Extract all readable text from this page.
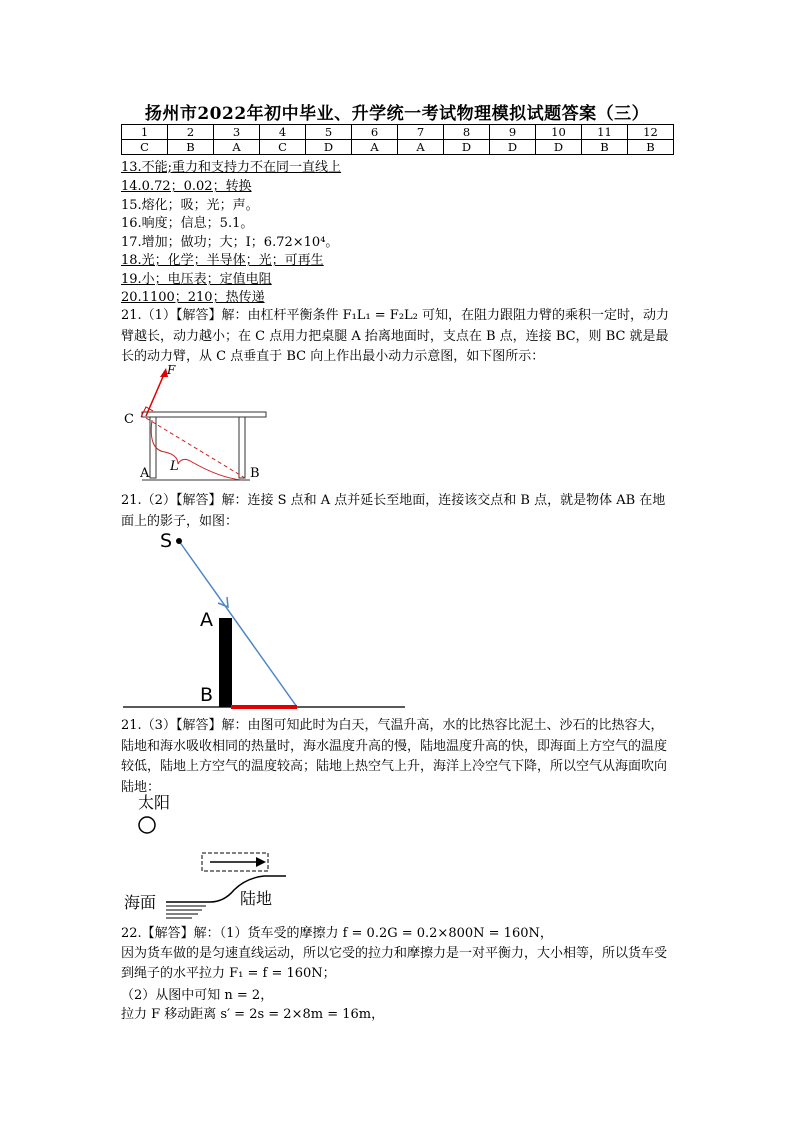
扬州市2022年初中毕业、升学统一考试物理模拟试题答案（三）
1	2	3	4	5	6	7	8	9	10	11	12
C	B	A	C	D	A	A	D	D	D	B	B
13.不能;重力和支持力不在同一直线上
14.0.72；0.02；转换
15.熔化；吸；光；声。
16.响度；信息；5.1。
17.增加；做功；大；I；6.72×10⁴。
18.光；化学；半导体；光；可再生
19.小；电压表；定值电阻
20.1100；210；热传递
21.（1）【解答】解：由杠杆平衡条件 F₁L₁ = F₂L₂ 可知，在阻力跟阻力臂的乘积一定时，动力臂越长，动力越小；在 C 点用力把桌腿 A 抬离地面时，支点在 B 点，连接 BC，则 BC 就是最长的动力臂，从 C 点垂直于 BC 向上作出最小动力示意图，如下图所示：
F
C
A L	B
21.（2）【解答】解：连接 S 点和 A 点并延长至地面，连接该交点和 B 点，就是物体 AB 在地面上的影子，如图：
S
A
B
21.（3）【解答】解：由图可知此时为白天，气温升高，水的比热容比泥土、沙石的比热容大，陆地和海水吸收相同的热量时，海水温度升高的慢，陆地温度升高的快，即海面上方空气的温度较低，陆地上方空气的温度较高；陆地上热空气上升，海洋上冷空气下降，所以空气从海面吹向陆地：
太阳
海面	陆地
22.【解答】解：（1）货车受的摩擦力 f = 0.2G = 0.2×800N = 160N，
因为货车做的是匀速直线运动，所以它受的拉力和摩擦力是一对平衡力，大小相等，所以货车受到绳子的水平拉力 F₁ = f = 160N；
（2）从图中可知 n = 2，
拉力 F 移动距离 s′ = 2s = 2×8m = 16m，
